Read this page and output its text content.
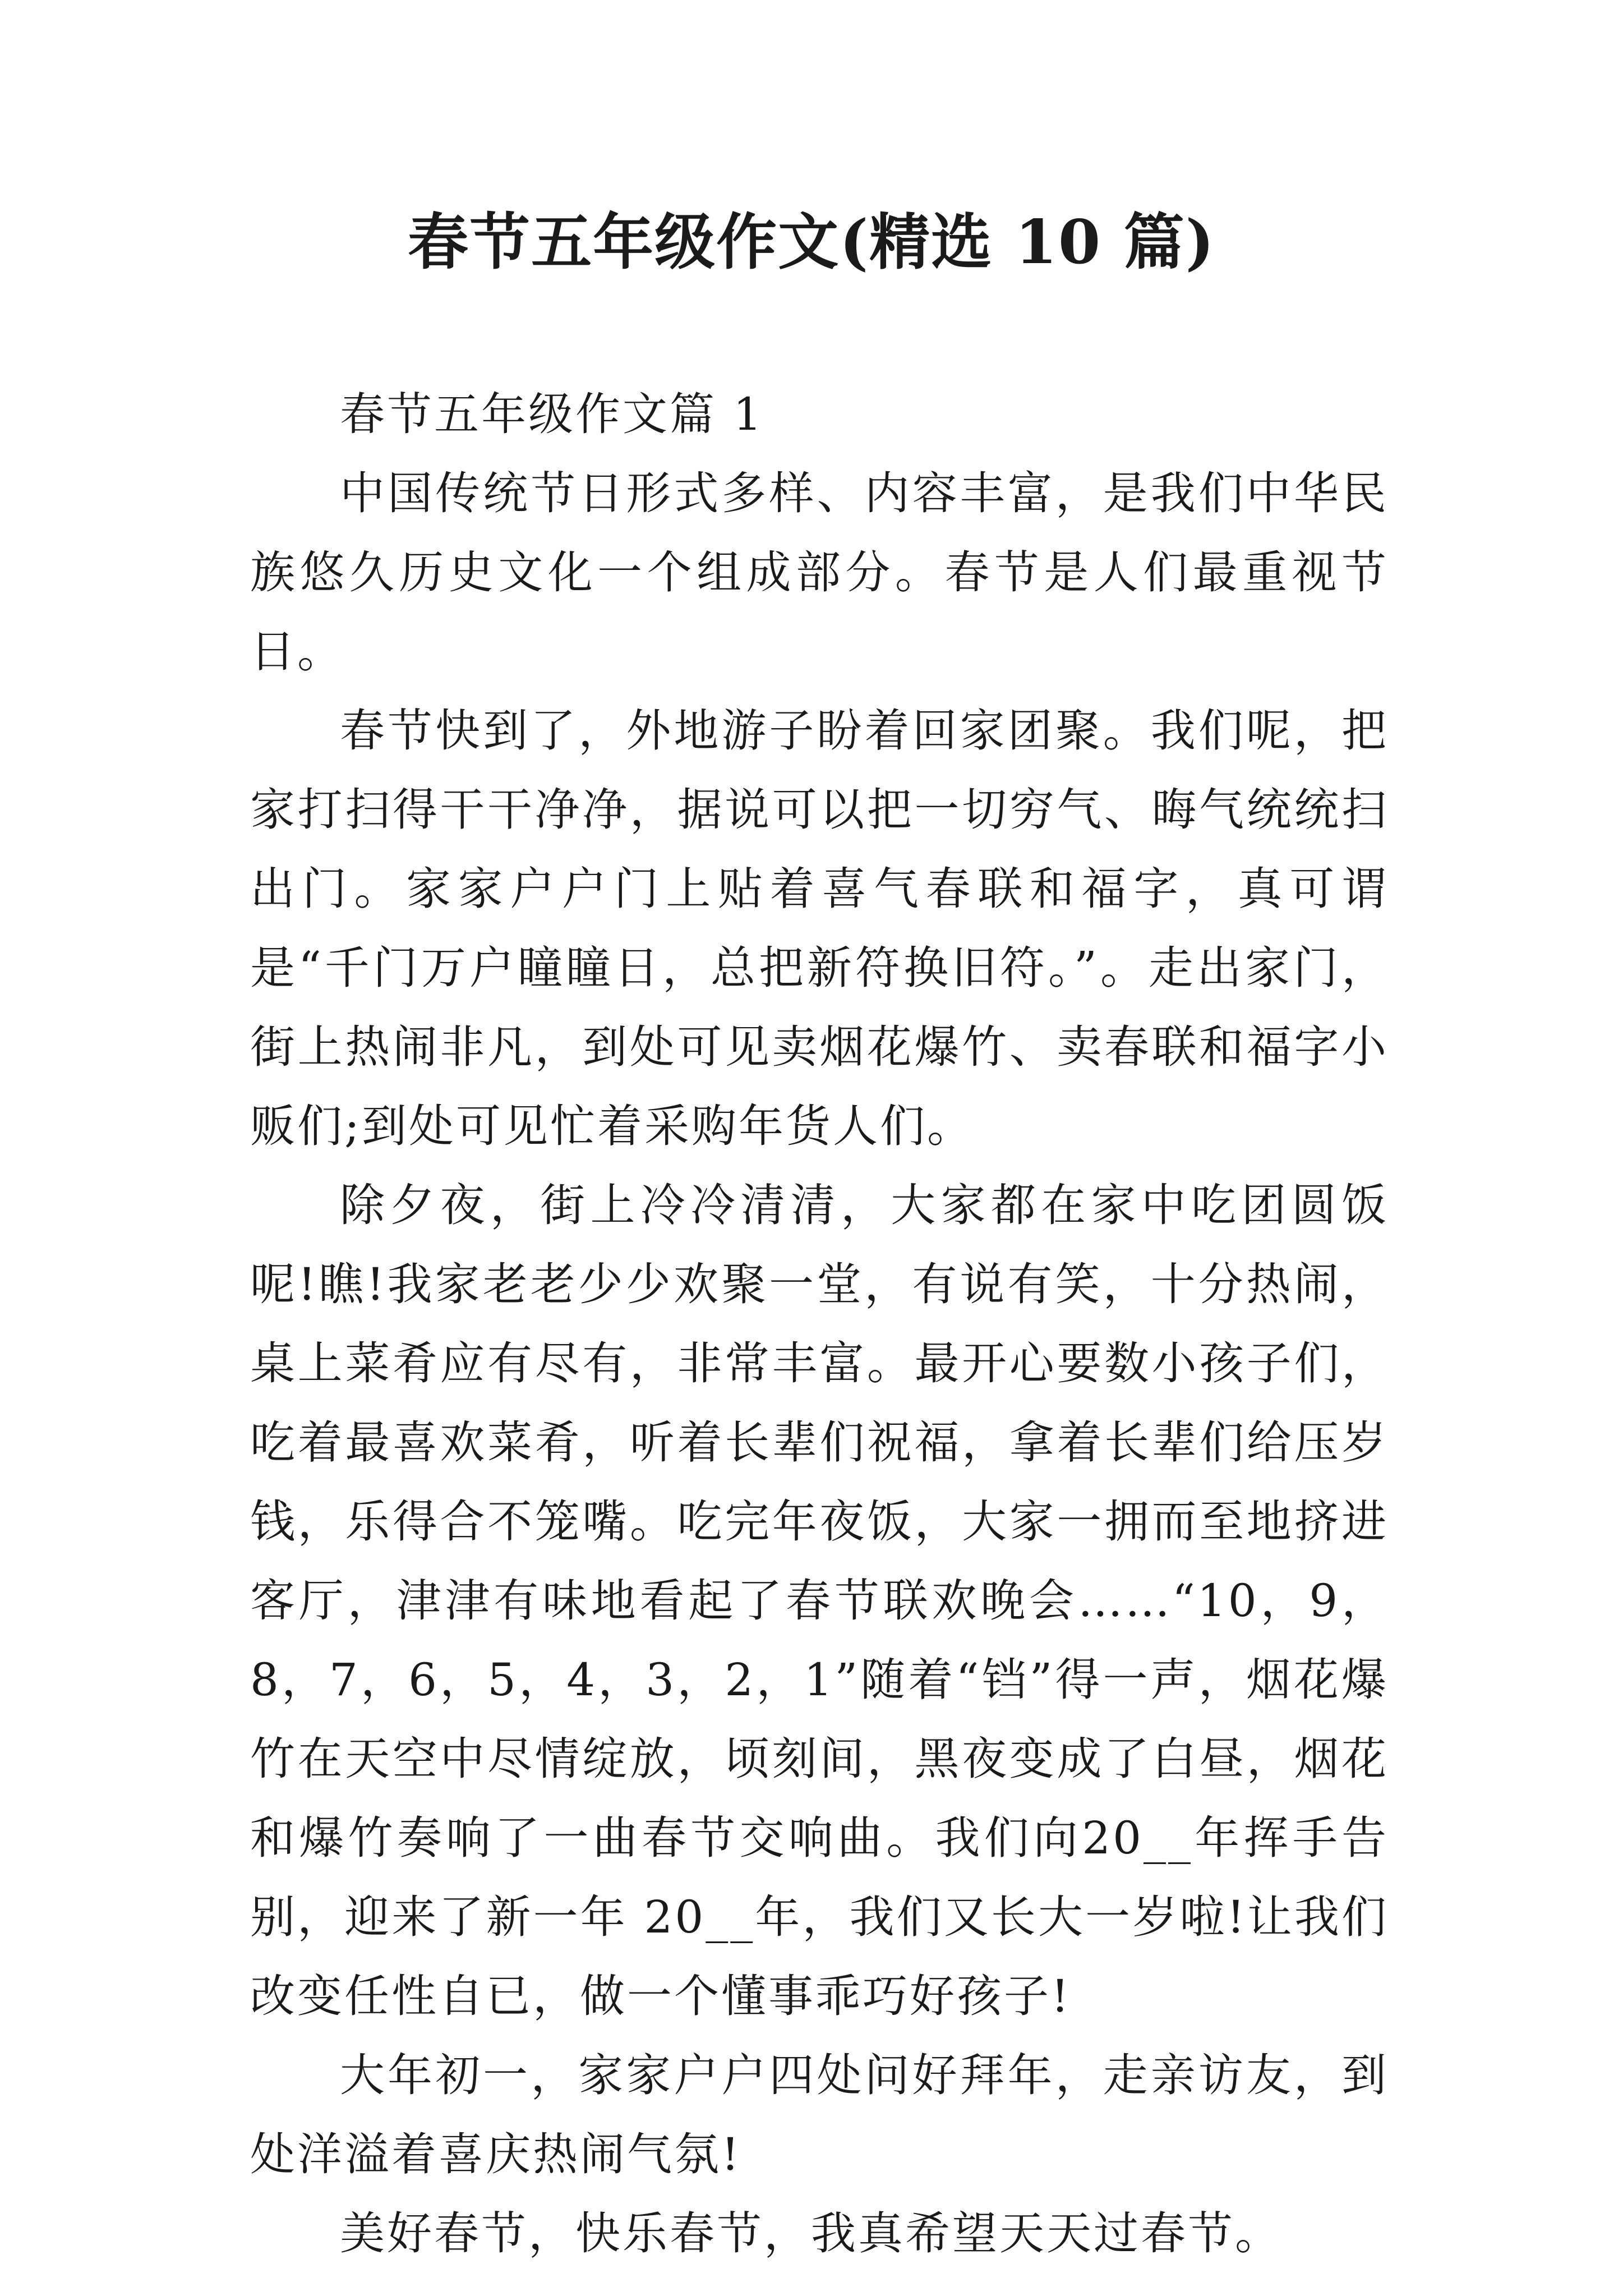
春节五年级作文(精选 10 篇)

春节五年级作文篇 1

中国传统节日形式多样、内容丰富，是我们中华民族悠久历史文化一个组成部分。春节是人们最重视节日。

春节快到了，外地游子盼着回家团聚。我们呢，把家打扫得干干净净，据说可以把一切穷气、晦气统统扫出门。家家户户门上贴着喜气春联和福字，真可谓是“千门万户瞳瞳日，总把新符换旧符。”。走出家门，街上热闹非凡，到处可见卖烟花爆竹、卖春联和福字小贩们;到处可见忙着采购年货人们。

除夕夜，街上冷冷清清，大家都在家中吃团圆饭呢!瞧!我家老老少少欢聚一堂，有说有笑，十分热闹，桌上菜肴应有尽有，非常丰富。最开心要数小孩子们，吃着最喜欢菜肴，听着长辈们祝福，拿着长辈们给压岁钱，乐得合不笼嘴。吃完年夜饭，大家一拥而至地挤进客厅，津津有味地看起了春节联欢晚会……“10，9，8，7，6，5，4，3，2，1”随着“铛”得一声，烟花爆竹在天空中尽情绽放，顷刻间，黑夜变成了白昼，烟花和爆竹奏响了一曲春节交响曲。我们向20__年挥手告别，迎来了新一年 20__年，我们又长大一岁啦!让我们改变任性自已，做一个懂事乖巧好孩子!

大年初一，家家户户四处问好拜年，走亲访友，到处洋溢着喜庆热闹气氛!

美好春节，快乐春节，我真希望天天过春节。
